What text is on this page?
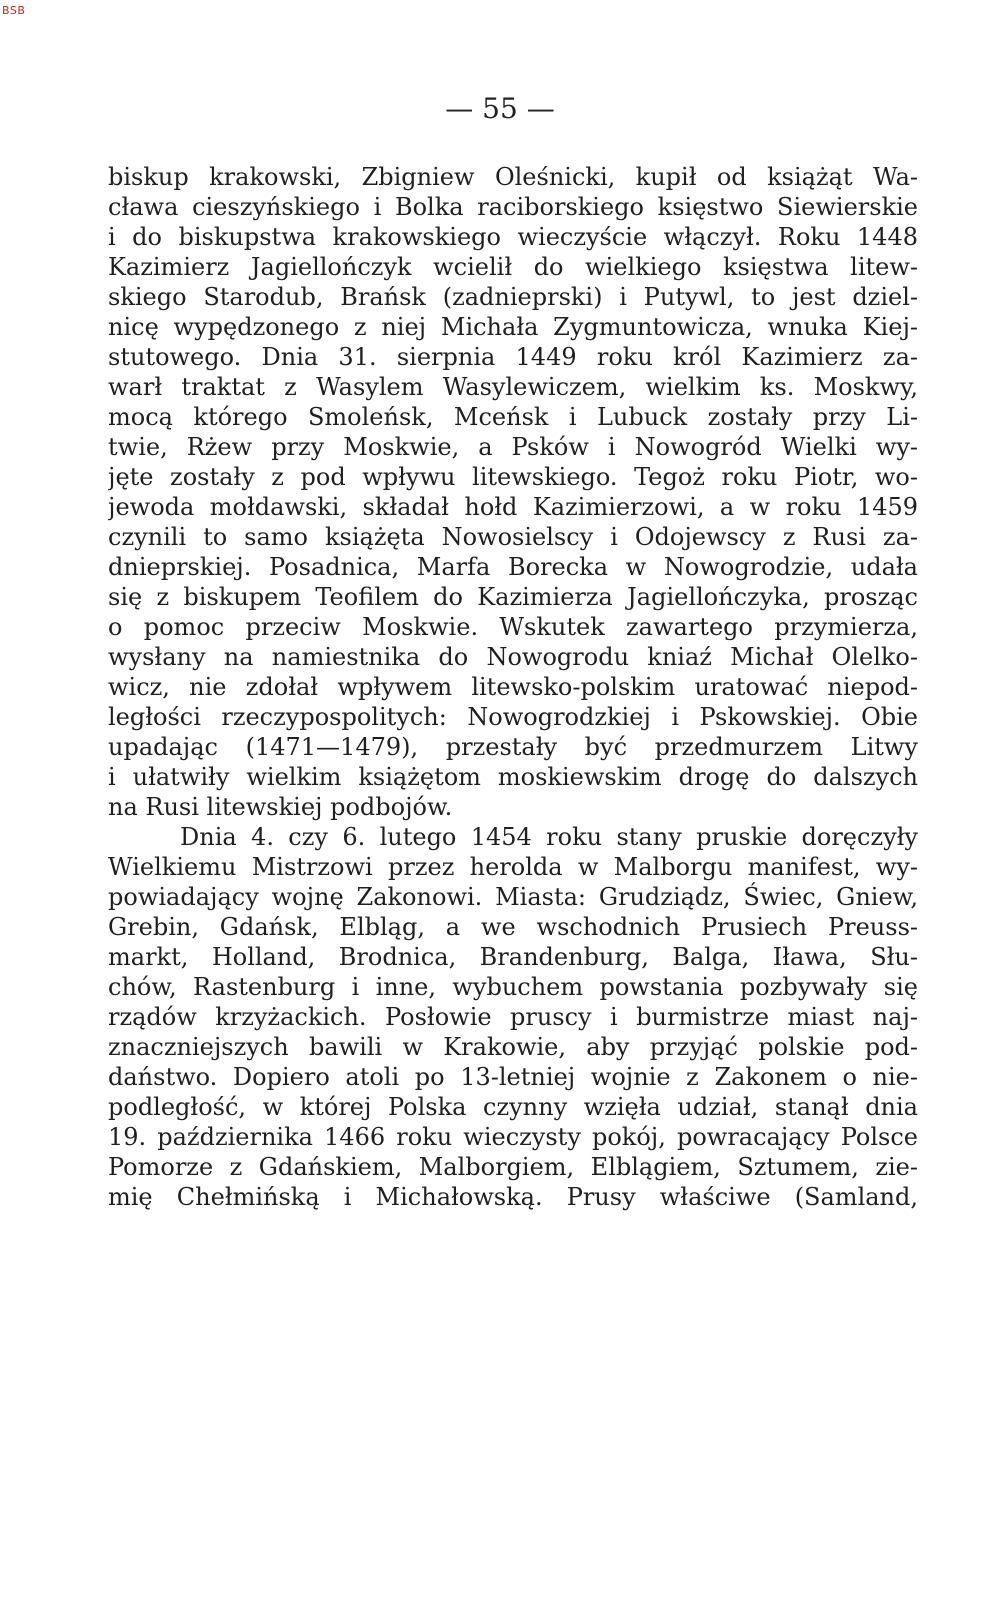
BSB
— 55 —
biskup krakowski, Zbigniew Oleśnicki, kupił od książąt Wa-
cława cieszyńskiego i Bolka raciborskiego księstwo Siewierskie
i do biskupstwa krakowskiego wieczyście włączył. Roku 1448
Kazimierz Jagiellończyk wcielił do wielkiego księstwa litew-
skiego Starodub, Brańsk (zadnieprski) i Putywl, to jest dziel-
nicę wypędzonego z niej Michała Zygmuntowicza, wnuka Kiej-
stutowego. Dnia 31. sierpnia 1449 roku król Kazimierz za-
warł traktat z Wasylem Wasylewiczem, wielkim ks. Moskwy,
mocą którego Smoleńsk, Mceńsk i Lubuck zostały przy Li-
twie, Rżew przy Moskwie, a Psków i Nowogród Wielki wy-
jęte zostały z pod wpływu litewskiego. Tegoż roku Piotr, wo-
jewoda mołdawski, składał hołd Kazimierzowi, a w roku 1459
czynili to samo książęta Nowosielscy i Odojewscy z Rusi za-
dnieprskiej. Posadnica, Marfa Borecka w Nowogrodzie, udała
się z biskupem Teofilem do Kazimierza Jagiellończyka, prosząc
o pomoc przeciw Moskwie. Wskutek zawartego przymierza,
wysłany na namiestnika do Nowogrodu kniaź Michał Olelko-
wicz, nie zdołał wpływem litewsko-polskim uratować niepod-
ległości rzeczypospolitych: Nowogrodzkiej i Pskowskiej. Obie
upadając (1471—1479), przestały być przedmurzem Litwy
i ułatwiły wielkim książętom moskiewskim drogę do dalszych
na Rusi litewskiej podbojów.
Dnia 4. czy 6. lutego 1454 roku stany pruskie doręczyły
Wielkiemu Mistrzowi przez herolda w Malborgu manifest, wy-
powiadający wojnę Zakonowi. Miasta: Grudziądz, Świec, Gniew,
Grebin, Gdańsk, Elbląg, a we wschodnich Prusiech Preuss-
markt, Holland, Brodnica, Brandenburg, Balga, Iława, Słu-
chów, Rastenburg i inne, wybuchem powstania pozbywały się
rządów krzyżackich. Posłowie pruscy i burmistrze miast naj-
znaczniejszych bawili w Krakowie, aby przyjąć polskie pod-
daństwo. Dopiero atoli po 13-letniej wojnie z Zakonem o nie-
podległość, w której Polska czynny wzięła udział, stanął dnia
19. października 1466 roku wieczysty pokój, powracający Polsce
Pomorze z Gdańskiem, Malborgiem, Elblągiem, Sztumem, zie-
mię Chełmińską i Michałowską. Prusy właściwe (Samland,
